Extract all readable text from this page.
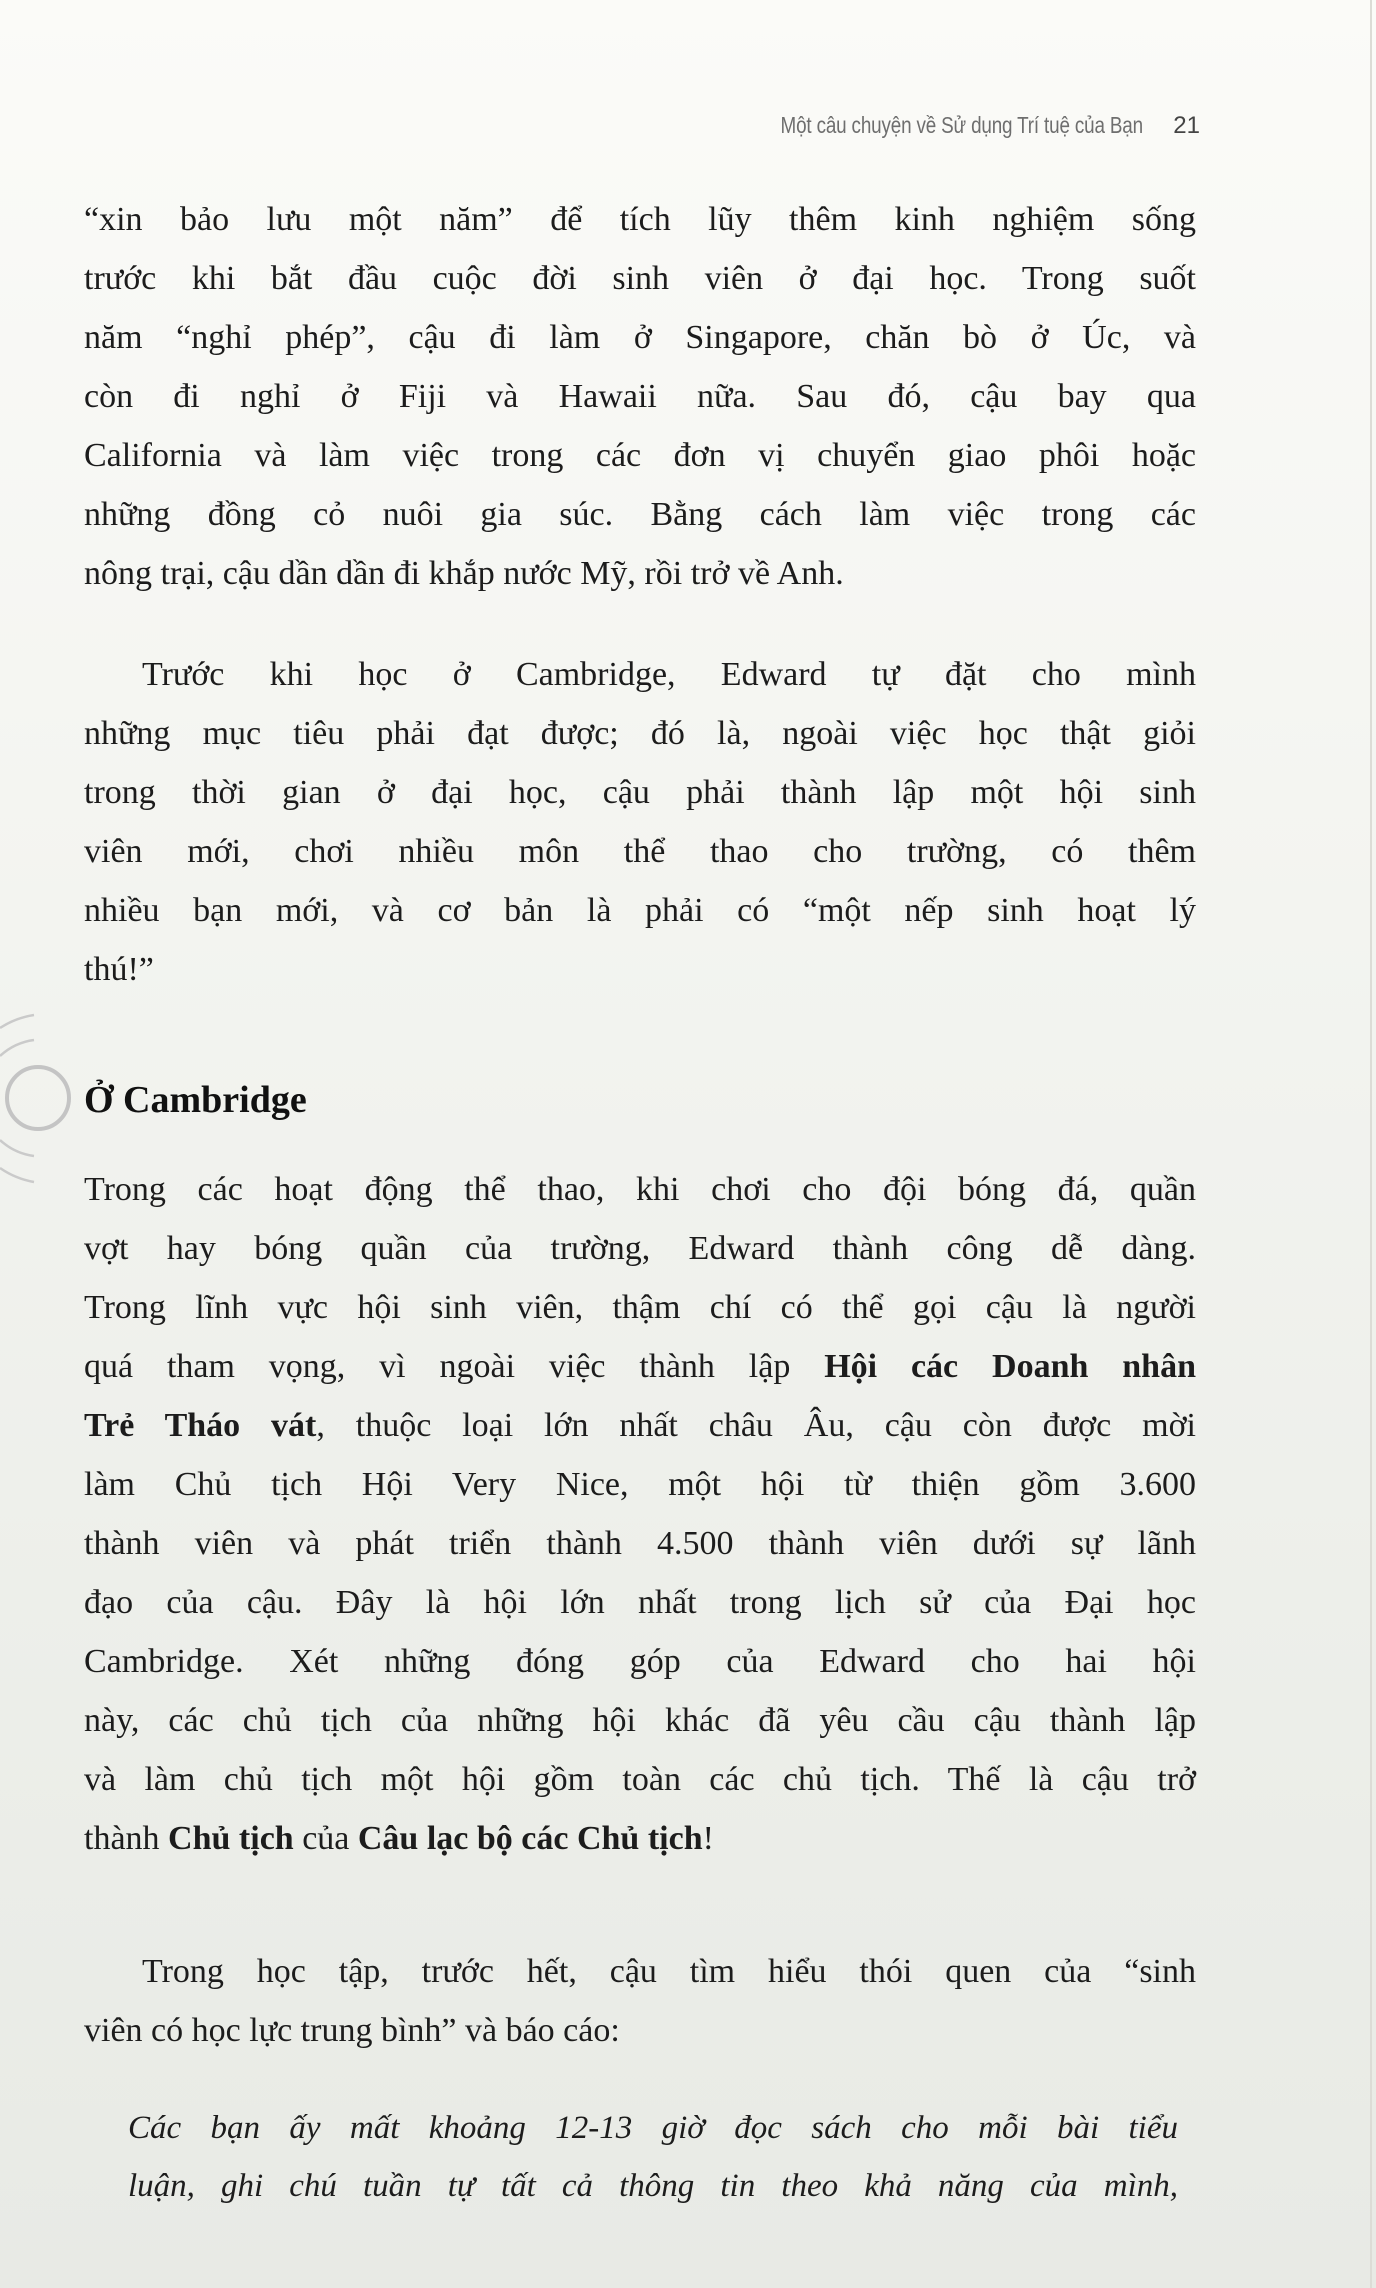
Một câu chuyện về Sử dụng Trí tuệ của Bạn 21
“xin bảo lưu một năm” để tích lũy thêm kinh nghiệm sống
trước khi bắt đầu cuộc đời sinh viên ở đại học. Trong suốt
năm “nghỉ phép”, cậu đi làm ở Singapore, chăn bò ở Úc, và
còn đi nghỉ ở Fiji và Hawaii nữa. Sau đó, cậu bay qua
California và làm việc trong các đơn vị chuyển giao phôi hoặc
những đồng cỏ nuôi gia súc. Bằng cách làm việc trong các
nông trại, cậu dần dần đi khắp nước Mỹ, rồi trở về Anh.
Trước khi học ở Cambridge, Edward tự đặt cho mình
những mục tiêu phải đạt được; đó là, ngoài việc học thật giỏi
trong thời gian ở đại học, cậu phải thành lập một hội sinh
viên mới, chơi nhiều môn thể thao cho trường, có thêm
nhiều bạn mới, và cơ bản là phải có “một nếp sinh hoạt lý
thú!”
Ở Cambridge
Trong các hoạt động thể thao, khi chơi cho đội bóng đá, quần
vợt hay bóng quần của trường, Edward thành công dễ dàng.
Trong lĩnh vực hội sinh viên, thậm chí có thể gọi cậu là người
quá tham vọng, vì ngoài việc thành lập Hội các Doanh nhân
Trẻ Tháo vát, thuộc loại lớn nhất châu Âu, cậu còn được mời
làm Chủ tịch Hội Very Nice, một hội từ thiện gồm 3.600
thành viên và phát triển thành 4.500 thành viên dưới sự lãnh
đạo của cậu. Đây là hội lớn nhất trong lịch sử của Đại học
Cambridge. Xét những đóng góp của Edward cho hai hội
này, các chủ tịch của những hội khác đã yêu cầu cậu thành lập
và làm chủ tịch một hội gồm toàn các chủ tịch. Thế là cậu trở
thành Chủ tịch của Câu lạc bộ các Chủ tịch!
Trong học tập, trước hết, cậu tìm hiểu thói quen của “sinh
viên có học lực trung bình” và báo cáo:
Các bạn ấy mất khoảng 12-13 giờ đọc sách cho mỗi bài tiểu
luận, ghi chú tuần tự tất cả thông tin theo khả năng của mình,
